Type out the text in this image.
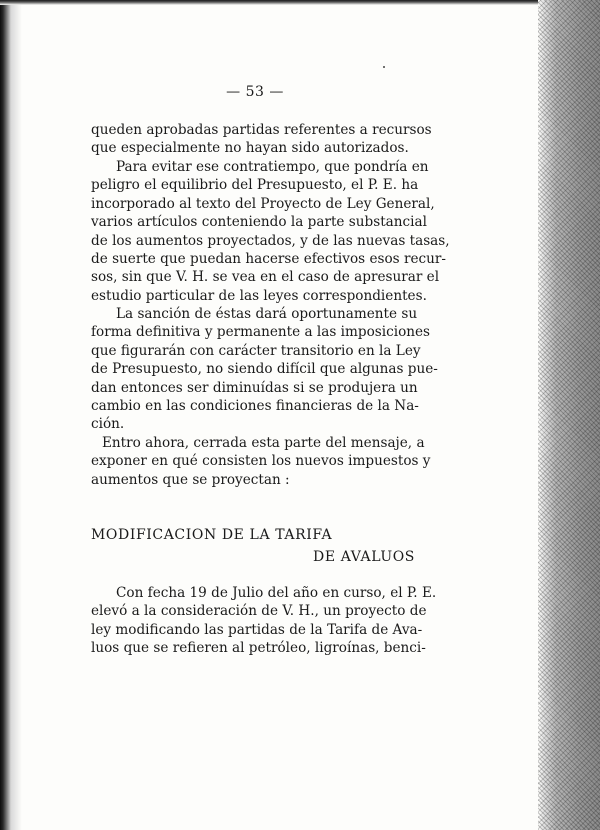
— 53 —
queden aprobadas partidas referentes a recursos
que especialmente no hayan sido autorizados.
Para evitar ese contratiempo, que pondría en
peligro el equilibrio del Presupuesto, el P. E. ha
incorporado al texto del Proyecto de Ley General,
varios artículos conteniendo la parte substancial
de los aumentos proyectados, y de las nuevas tasas,
de suerte que puedan hacerse efectivos esos recur-
sos, sin que V. H. se vea en el caso de apresurar el
estudio particular de las leyes correspondientes.
La sanción de éstas dará oportunamente su
forma definitiva y permanente a las imposiciones
que figurarán con carácter transitorio en la Ley
de Presupuesto, no siendo difícil que algunas pue-
dan entonces ser diminuídas si se produjera un
cambio en las condiciones financieras de la Na-
ción.
Entro ahora, cerrada esta parte del mensaje, a
exponer en qué consisten los nuevos impuestos y
aumentos que se proyectan :
MODIFICACION DE LA TARIFA
DE AVALUOS
Con fecha 19 de Julio del año en curso, el P. E.
elevó a la consideración de V. H., un proyecto de
ley modificando las partidas de la Tarifa de Ava-
luos que se refieren al petróleo, ligroínas, benci-
